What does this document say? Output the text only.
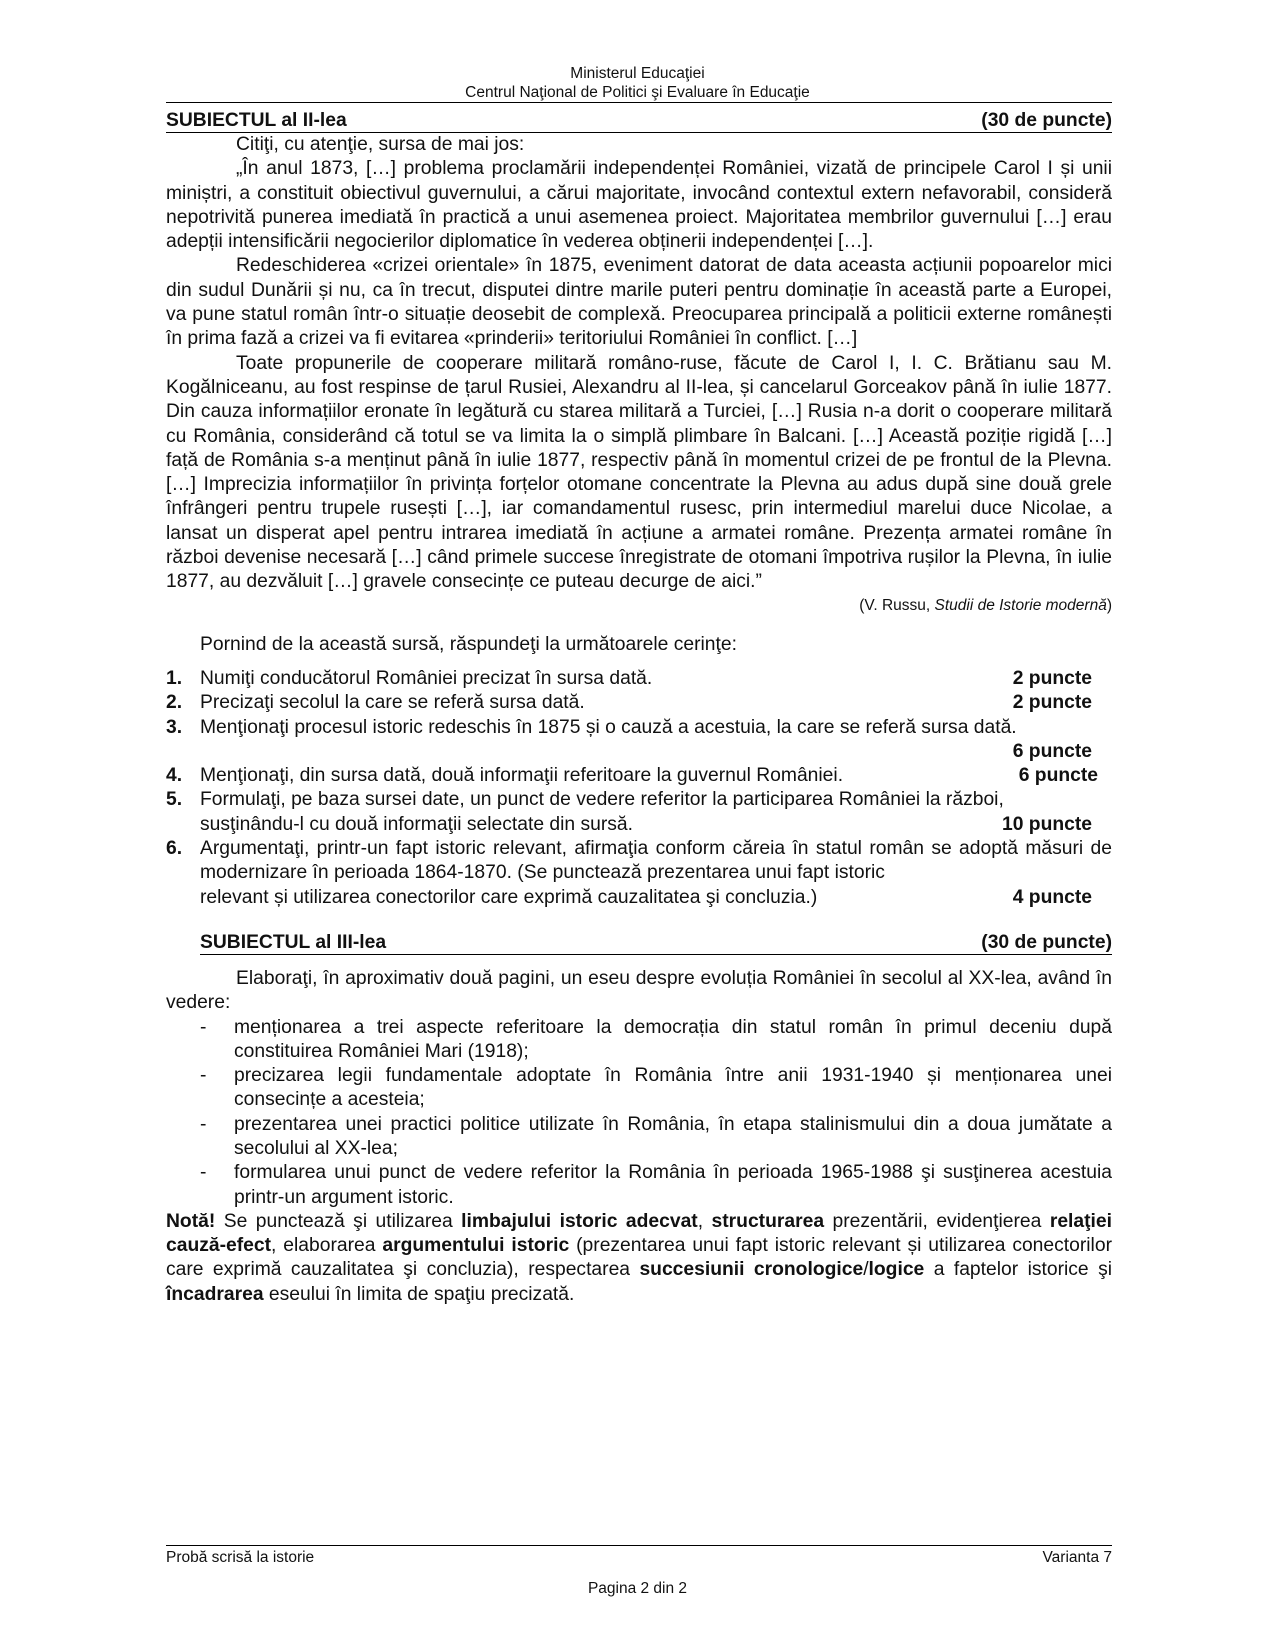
Ministerul Educaţiei
Centrul Naţional de Politici şi Evaluare în Educaţie
SUBIECTUL al II-lea	(30 de puncte)

Citiţi, cu atenţie, sursa de mai jos:

„În anul 1873, […] problema proclamării independenței României, vizată de principele Carol I și unii miniștri, a constituit obiectivul guvernului, a cărui majoritate, invocând contextul extern nefavorabil, consideră nepotrivită punerea imediată în practică a unui asemenea proiect. Majoritatea membrilor guvernului […] erau adepții intensificării negocierilor diplomatice în vederea obținerii independenței […].

Redeschiderea «crizei orientale» în 1875, eveniment datorat de data aceasta acțiunii popoarelor mici din sudul Dunării și nu, ca în trecut, disputei dintre marile puteri pentru dominație în această parte a Europei, va pune statul român într-o situație deosebit de complexă. Preocuparea principală a politicii externe românești în prima fază a crizei va fi evitarea «prinderii» teritoriului României în conflict. […]

Toate propunerile de cooperare militară româno-ruse, făcute de Carol I, I. C. Brătianu sau M. Kogălniceanu, au fost respinse de țarul Rusiei, Alexandru al II-lea, și cancelarul Gorceakov până în iulie 1877. Din cauza informațiilor eronate în legătură cu starea militară a Turciei, […] Rusia n-a dorit o cooperare militară cu România, considerând că totul se va limita la o simplă plimbare în Balcani. […] Această poziție rigidă […] față de România s-a menținut până în iulie 1877, respectiv până în momentul crizei de pe frontul de la Plevna. […] Imprecizia informațiilor în privința forțelor otomane concentrate la Plevna au adus după sine două grele înfrângeri pentru trupele rusești […], iar comandamentul rusesc, prin intermediul marelui duce Nicolae, a lansat un disperat apel pentru intrarea imediată în acțiune a armatei române. Prezența armatei române în război devenise necesară […] când primele succese înregistrate de otomani împotriva rușilor la Plevna, în iulie 1877, au dezvăluit […] gravele consecințe ce puteau decurge de aici.”

(V. Russu, Studii de Istorie modernă)

Pornind de la această sursă, răspundeţi la următoarele cerinţe:

1. Numiţi conducătorul României precizat în sursa dată.	2 puncte
2. Precizaţi secolul la care se referă sursa dată.	2 puncte
3. Menţionaţi procesul istoric redeschis în 1875 și o cauză a acestuia, la care se referă sursa dată.
6 puncte
4. Menţionaţi, din sursa dată, două informaţii referitoare la guvernul României.	6 puncte
5. Formulaţi, pe baza sursei date, un punct de vedere referitor la participarea României la război,
susţinându-l cu două informaţii selectate din sursă.	10 puncte
6. Argumentaţi, printr-un fapt istoric relevant, afirmaţia conform căreia în statul român se adoptă măsuri de modernizare în perioada 1864-1870. (Se punctează prezentarea unui fapt istoric
relevant și utilizarea conectorilor care exprimă cauzalitatea şi concluzia.)	4 puncte
SUBIECTUL al III-lea	(30 de puncte)

Elaboraţi, în aproximativ două pagini, un eseu despre evoluția României în secolul al XX-lea, având în vedere:

-	menționarea a trei aspecte referitoare la democrația din statul român în primul deceniu după constituirea României Mari (1918);
-	precizarea legii fundamentale adoptate în România între anii 1931-1940 și menționarea unei consecințe a acesteia;
-	prezentarea unei practici politice utilizate în România, în etapa stalinismului din a doua jumătate a secolului al XX-lea;
-	formularea unui punct de vedere referitor la România în perioada 1965-1988 şi susţinerea acestuia printr-un argument istoric.

Notă! Se punctează şi utilizarea limbajului istoric adecvat, structurarea prezentării, evidenţierea relaţiei cauză-efect, elaborarea argumentului istoric (prezentarea unui fapt istoric relevant și utilizarea conectorilor care exprimă cauzalitatea şi concluzia), respectarea succesiunii cronologice/logice a faptelor istorice şi încadrarea eseului în limita de spaţiu precizată.

Probă scrisă la istorie	Varianta 7
Pagina 2 din 2
